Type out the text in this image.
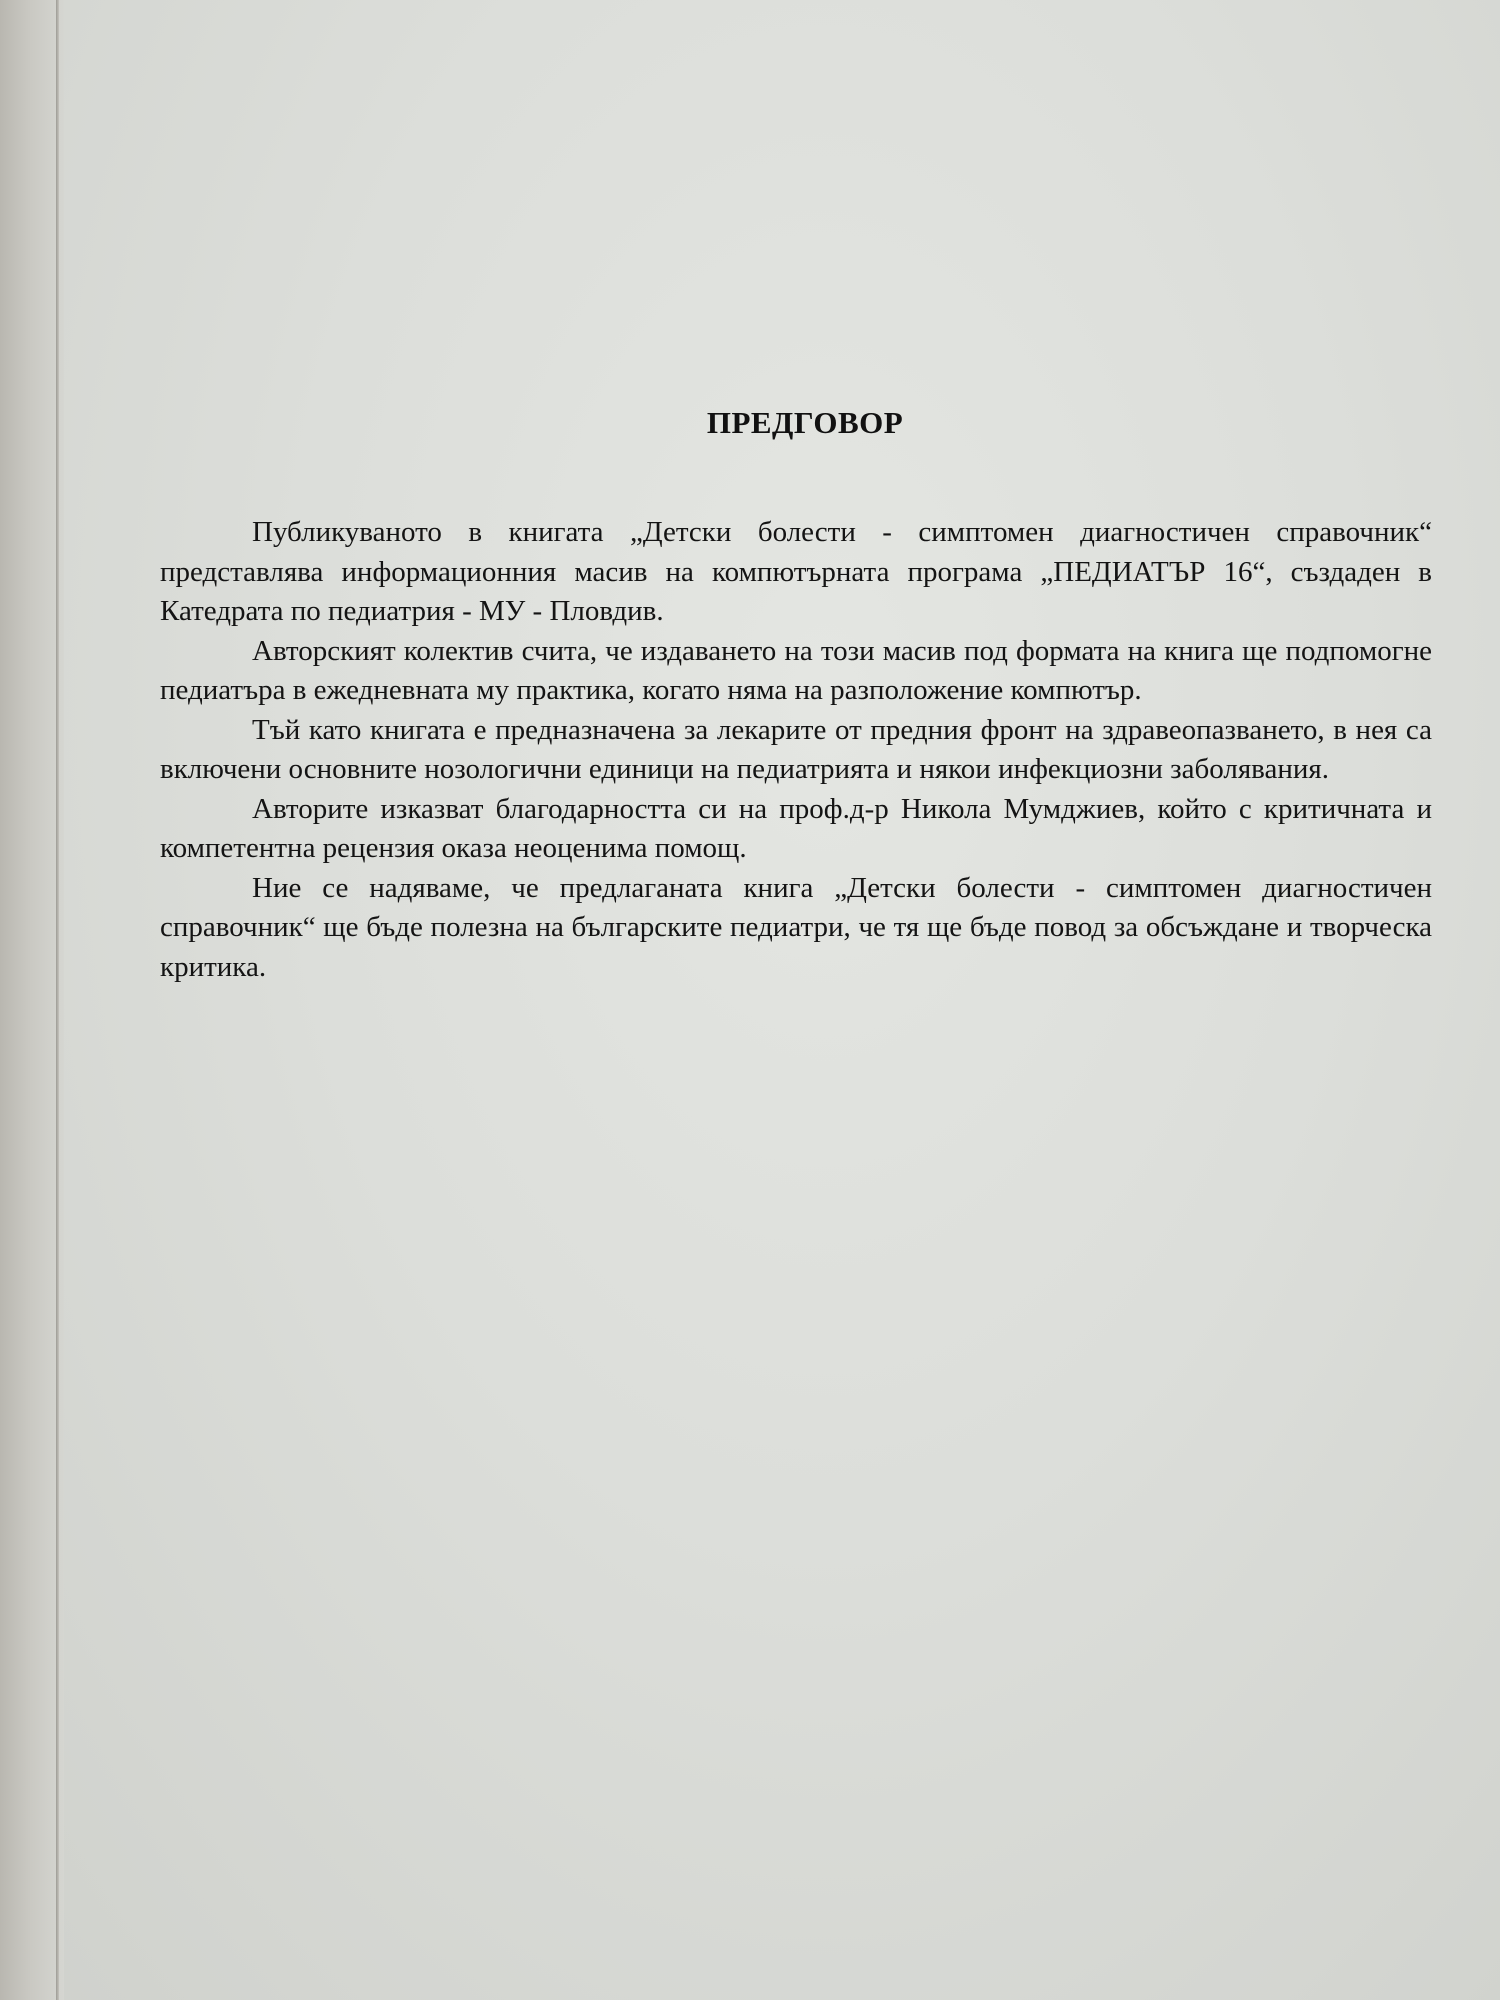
ПРЕДГОВОР

Публикуваното в книгата „Детски болести - симптомен диагностичен справочник“ представлява информационния масив на компютърната програма „ПЕДИАТЪР 16“, създаден в Катедрата по педиатрия - МУ - Пловдив.

Авторският колектив счита, че издаването на този масив под формата на книга ще подпомогне педиатъра в ежедневната му практика, когато няма на разположение компютър.

Тъй като книгата е предназначена за лекарите от предния фронт на здравеопазването, в нея са включени основните нозологични единици на педиатрията и някои инфекциозни заболявания.

Авторите изказват благодарността си на проф.д-р Никола Мумджиев, който с критичната и компетентна рецензия оказа неоценима помощ.

Ние се надяваме, че предлаганата книга „Детски болести - симптомен диагностичен справочник“ ще бъде полезна на българските педиатри, че тя ще бъде повод за обсъждане и творческа критика.
